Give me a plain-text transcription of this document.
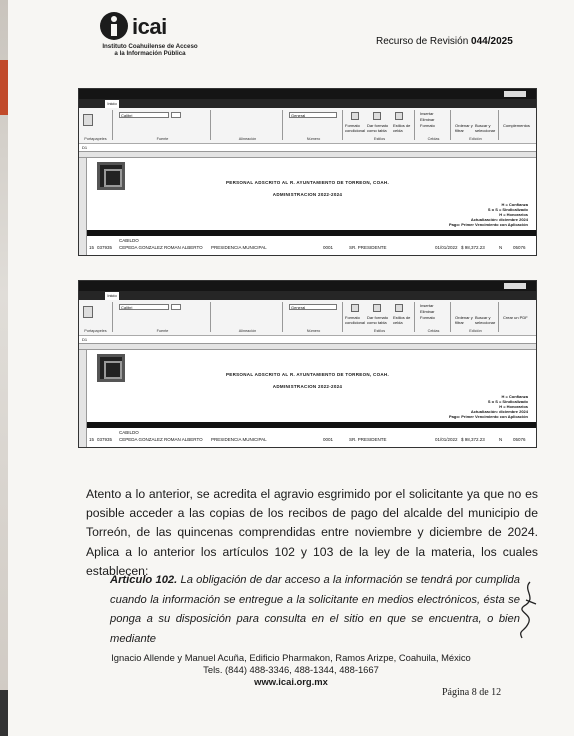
icai
Instituto Coahuilense de Acceso
a la Información Pública
Recurso de Revisión 044/2025
Inicio
Portapapeles
Calibri
Fuente	Alineación
General
Número
Formato condicional
Dar formato como tabla
Estilos de celda
Estilos
Insertar
Eliminar
Formato
Celdas
Ordenar y filtrar
Buscar y seleccionar
Edición
Complementos
D1
PERSONAL ADSCRITO AL R. AYUNTAMIENTO DE TORREON, COAH.
ADMINISTRACION 2022-2024
H = Confianza
S o S = Sindicalizado
H = Honorarios
Actualización: diciembre 2024
Pago: Primer Vencimiento con Aplicación
CABILDO
15 037935 CEPEDA GONZALEZ ROMAN ALBERTO PRESIDENCIA MUNICIPAL	0001	SR. PRESIDENTE	01/01/2022 $ 98,372.23	N 05076
Inicio
Portapapeles
Calibri
Fuente	Alineación
General
Número
Formato condicional
Dar formato como tabla
Estilos de celda
Estilos
Insertar
Eliminar
Formato
Celdas
Ordenar y filtrar
Buscar y seleccionar
Edición
Crear un PDF
D1
PERSONAL ADSCRITO AL R. AYUNTAMIENTO DE TORREON, COAH.
ADMINISTRACION 2022-2024
H = Confianza
S o S = Sindicalizado
H = Honorarios
Actualización: diciembre 2024
Pago: Primer Vencimiento con Aplicación
CABILDO
15 037935 CEPEDA GONZALEZ ROMAN ALBERTO PRESIDENCIA MUNICIPAL	0001	SR. PRESIDENTE	01/01/2022 $ 98,372.23	N 05076
Atento a lo anterior, se acredita el agravio esgrimido por el solicitante ya que no es posible acceder a las copias de los recibos de pago del alcalde del municipio de Torreón, de las quincenas comprendidas entre noviembre y diciembre de 2024. Aplica a lo anterior los artículos 102 y 103 de la ley de la materia, los cuales establecen:
Artículo 102. La obligación de dar acceso a la información se tendrá por cumplida cuando la información se entregue a la solicitante en medios electrónicos, ésta se ponga a su disposición para consulta en el sitio en que se encuentra, o bien mediante
Ignacio Allende y Manuel Acuña, Edificio Pharmakon, Ramos Arizpe, Coahuila, México
Tels. (844) 488-3346, 488-1344, 488-1667
www.icai.org.mx
Página 8 de 12
